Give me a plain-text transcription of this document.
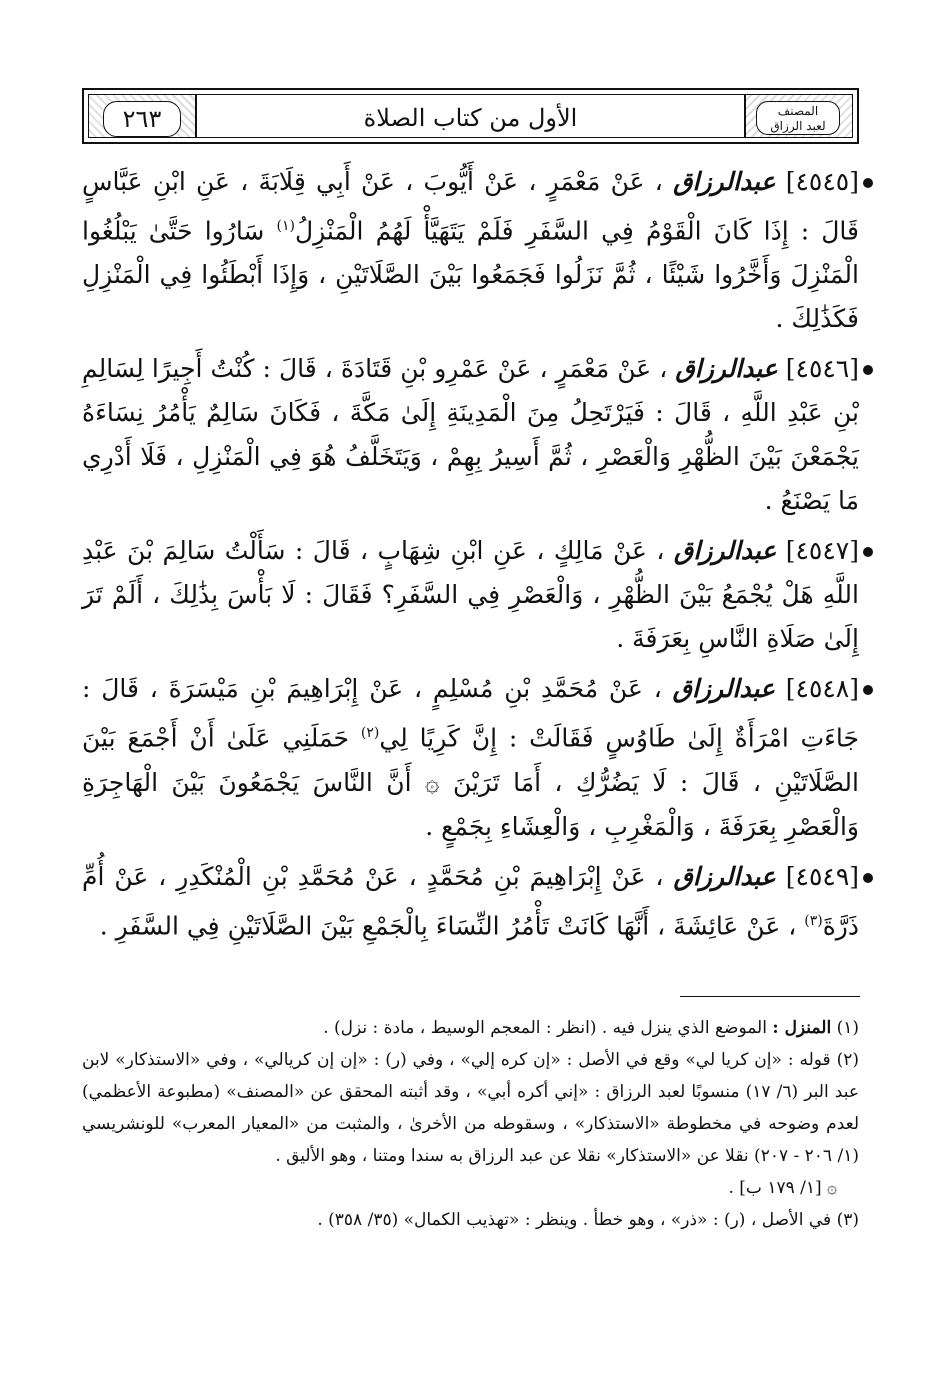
٢٦٣	الأول من كتاب الصلاة	المصنف
لعبد الرزاق

[٤٥٤٥] عبدالرزاق ، عَنْ مَعْمَرٍ ، عَنْ أَيُّوبَ ، عَنْ أَبِي قِلَابَةَ ، عَنِ ابْنِ عَبَّاسٍ قَالَ : إِذَا كَانَ الْقَوْمُ فِي السَّفَرِ فَلَمْ يَتَهَيَّأْ لَهُمُ الْمَنْزِلُ$^{(١)}$ سَارُوا حَتَّىٰ يَبْلُغُوا الْمَنْزِلَ وَأَخَّرُوا شَيْئًا ، ثُمَّ نَزَلُوا فَجَمَعُوا بَيْنَ الصَّلَاتَيْنِ ، وَإِذَا أَبْطَئُوا فِي الْمَنْزِلِ فَكَذَٰلِكَ .

[٤٥٤٦] عبدالرزاق ، عَنْ مَعْمَرٍ ، عَنْ عَمْرِو بْنِ قَتَادَةَ ، قَالَ : كُنْتُ أَجِيرًا لِسَالِمِ بْنِ عَبْدِ اللَّهِ ، قَالَ : فَيَرْتَحِلُ مِنَ الْمَدِينَةِ إِلَىٰ مَكَّةَ ، فَكَانَ سَالِمٌ يَأْمُرُ نِسَاءَهُ يَجْمَعْنَ بَيْنَ الظُّهْرِ وَالْعَصْرِ ، ثُمَّ أَسِيرُ بِهِمْ ، وَيَتَخَلَّفُ هُوَ فِي الْمَنْزِلِ ، فَلَا أَدْرِي مَا يَصْنَعُ .

[٤٥٤٧] عبدالرزاق ، عَنْ مَالِكٍ ، عَنِ ابْنِ شِهَابٍ ، قَالَ : سَأَلْتُ سَالِمَ بْنَ عَبْدِ اللَّهِ هَلْ يُجْمَعُ بَيْنَ الظُّهْرِ ، وَالْعَصْرِ فِي السَّفَرِ؟ فَقَالَ : لَا بَأْسَ بِذَٰلِكَ ، أَلَمْ تَرَ إِلَىٰ صَلَاةِ النَّاسِ بِعَرَفَةَ .

[٤٥٤٨] عبدالرزاق ، عَنْ مُحَمَّدِ بْنِ مُسْلِمٍ ، عَنْ إِبْرَاهِيمَ بْنِ مَيْسَرَةَ ، قَالَ : جَاءَتِ امْرَأَةٌ إِلَىٰ طَاوُسٍ فَقَالَتْ : إِنَّ كَرِيًا لِي$^{(٢)}$ حَمَلَنِي عَلَىٰ أَنْ أَجْمَعَ بَيْنَ الصَّلَاتَيْنِ ، قَالَ : لَا يَضُرُّكِ ، أَمَا تَرَيْنَ ۞ أَنَّ النَّاسَ يَجْمَعُونَ بَيْنَ الْهَاجِرَةِ وَالْعَصْرِ بِعَرَفَةَ ، وَالْمَغْرِبِ ، وَالْعِشَاءِ بِجَمْعٍ .

[٤٥٤٩] عبدالرزاق ، عَنْ إِبْرَاهِيمَ بْنِ مُحَمَّدٍ ، عَنْ مُحَمَّدِ بْنِ الْمُنْكَدِرِ ، عَنْ أُمِّ ذَرَّةَ$^{(٣)}$ ، عَنْ عَائِشَةَ ، أَنَّهَا كَانَتْ تَأْمُرُ النِّسَاءَ بِالْجَمْعِ بَيْنَ الصَّلَاتَيْنِ فِي السَّفَرِ .

(١) المنزل : الموضع الذي ينزل فيه . (انظر : المعجم الوسيط ، مادة : نزل) .

(٢) قوله : «إن كريا لي» وقع في الأصل : «إن كره إلي» ، وفي (ر) : «إن إن كريالي» ، وفي «الاستذكار» لابن عبد البر (٦/ ١٧) منسوبًا لعبد الرزاق : «إني أكره أبي» ، وقد أثبته المحقق عن «المصنف» (مطبوعة الأعظمي) لعدم وضوحه في مخطوطة «الاستذكار» ، وسقوطه من الأخرىٰ ، والمثبت من «المعيار المعرب» للونشريسي (١/ ٢٠٦ - ٢٠٧) نقلا عن «الاستذكار» نقلا عن عبد الرزاق به سندا ومتنا ، وهو الأليق .

۞ [١/ ١٧٩ ب] .

(٣) في الأصل ، (ر) : «ذر» ، وهو خطأ . وينظر : «تهذيب الكمال» (٣٥/ ٣٥٨) .
